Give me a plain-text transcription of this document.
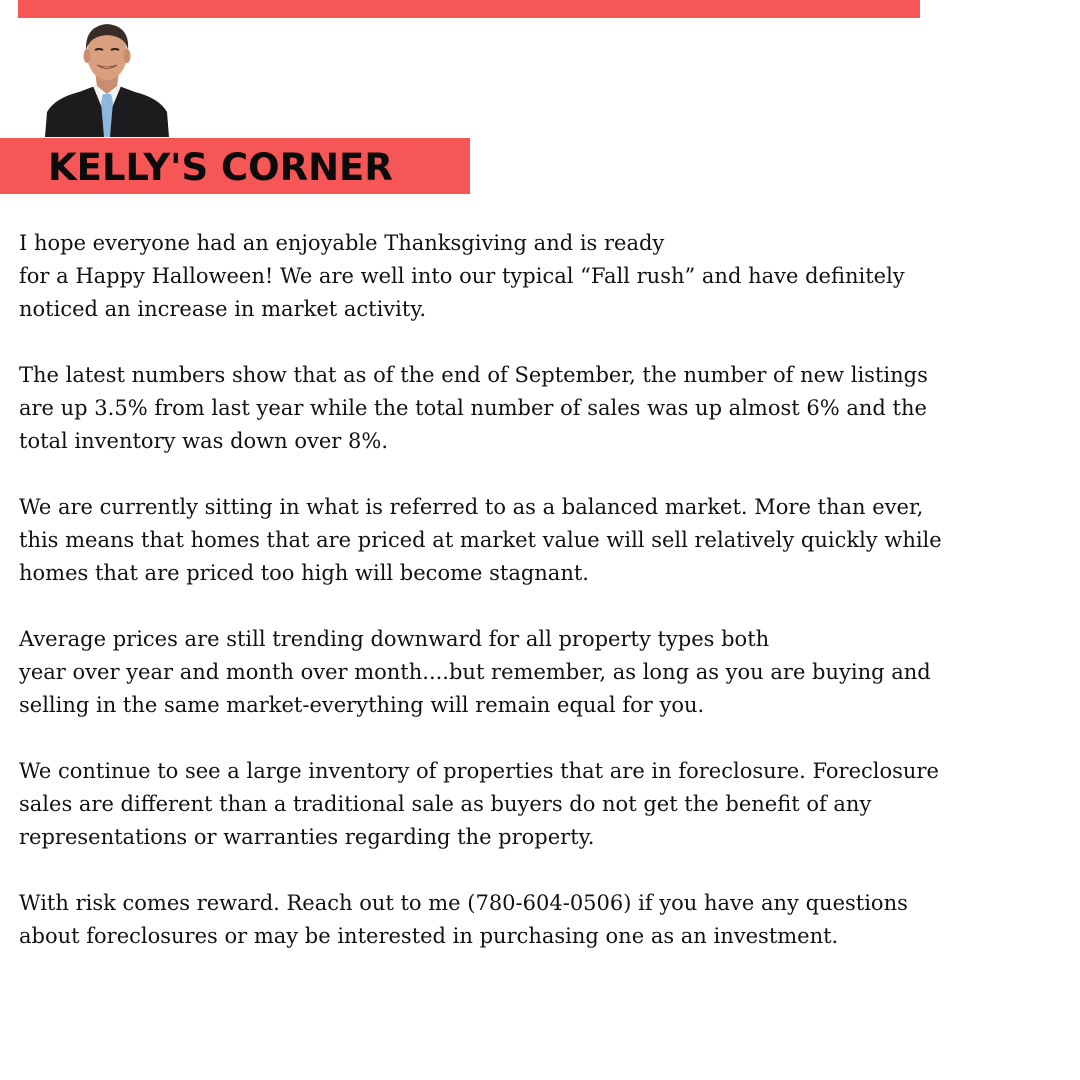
KELLY'S CORNER

I hope everyone had an enjoyable Thanksgiving and is ready
for a Happy Halloween! We are well into our typical “Fall rush” and have definitely
noticed an increase in market activity.

The latest numbers show that as of the end of September, the number of new listings
are up 3.5% from last year while the total number of sales was up almost 6% and the
total inventory was down over 8%.

We are currently sitting in what is referred to as a balanced market. More than ever,
this means that homes that are priced at market value will sell relatively quickly while
homes that are priced too high will become stagnant.

Average prices are still trending downward for all property types both
year over year and month over month....but remember, as long as you are buying and
selling in the same market-everything will remain equal for you.

We continue to see a large inventory of properties that are in foreclosure. Foreclosure
sales are different than a traditional sale as buyers do not get the benefit of any
representations or warranties regarding the property.

With risk comes reward. Reach out to me (780-604-0506) if you have any questions
about foreclosures or may be interested in purchasing one as an investment.
